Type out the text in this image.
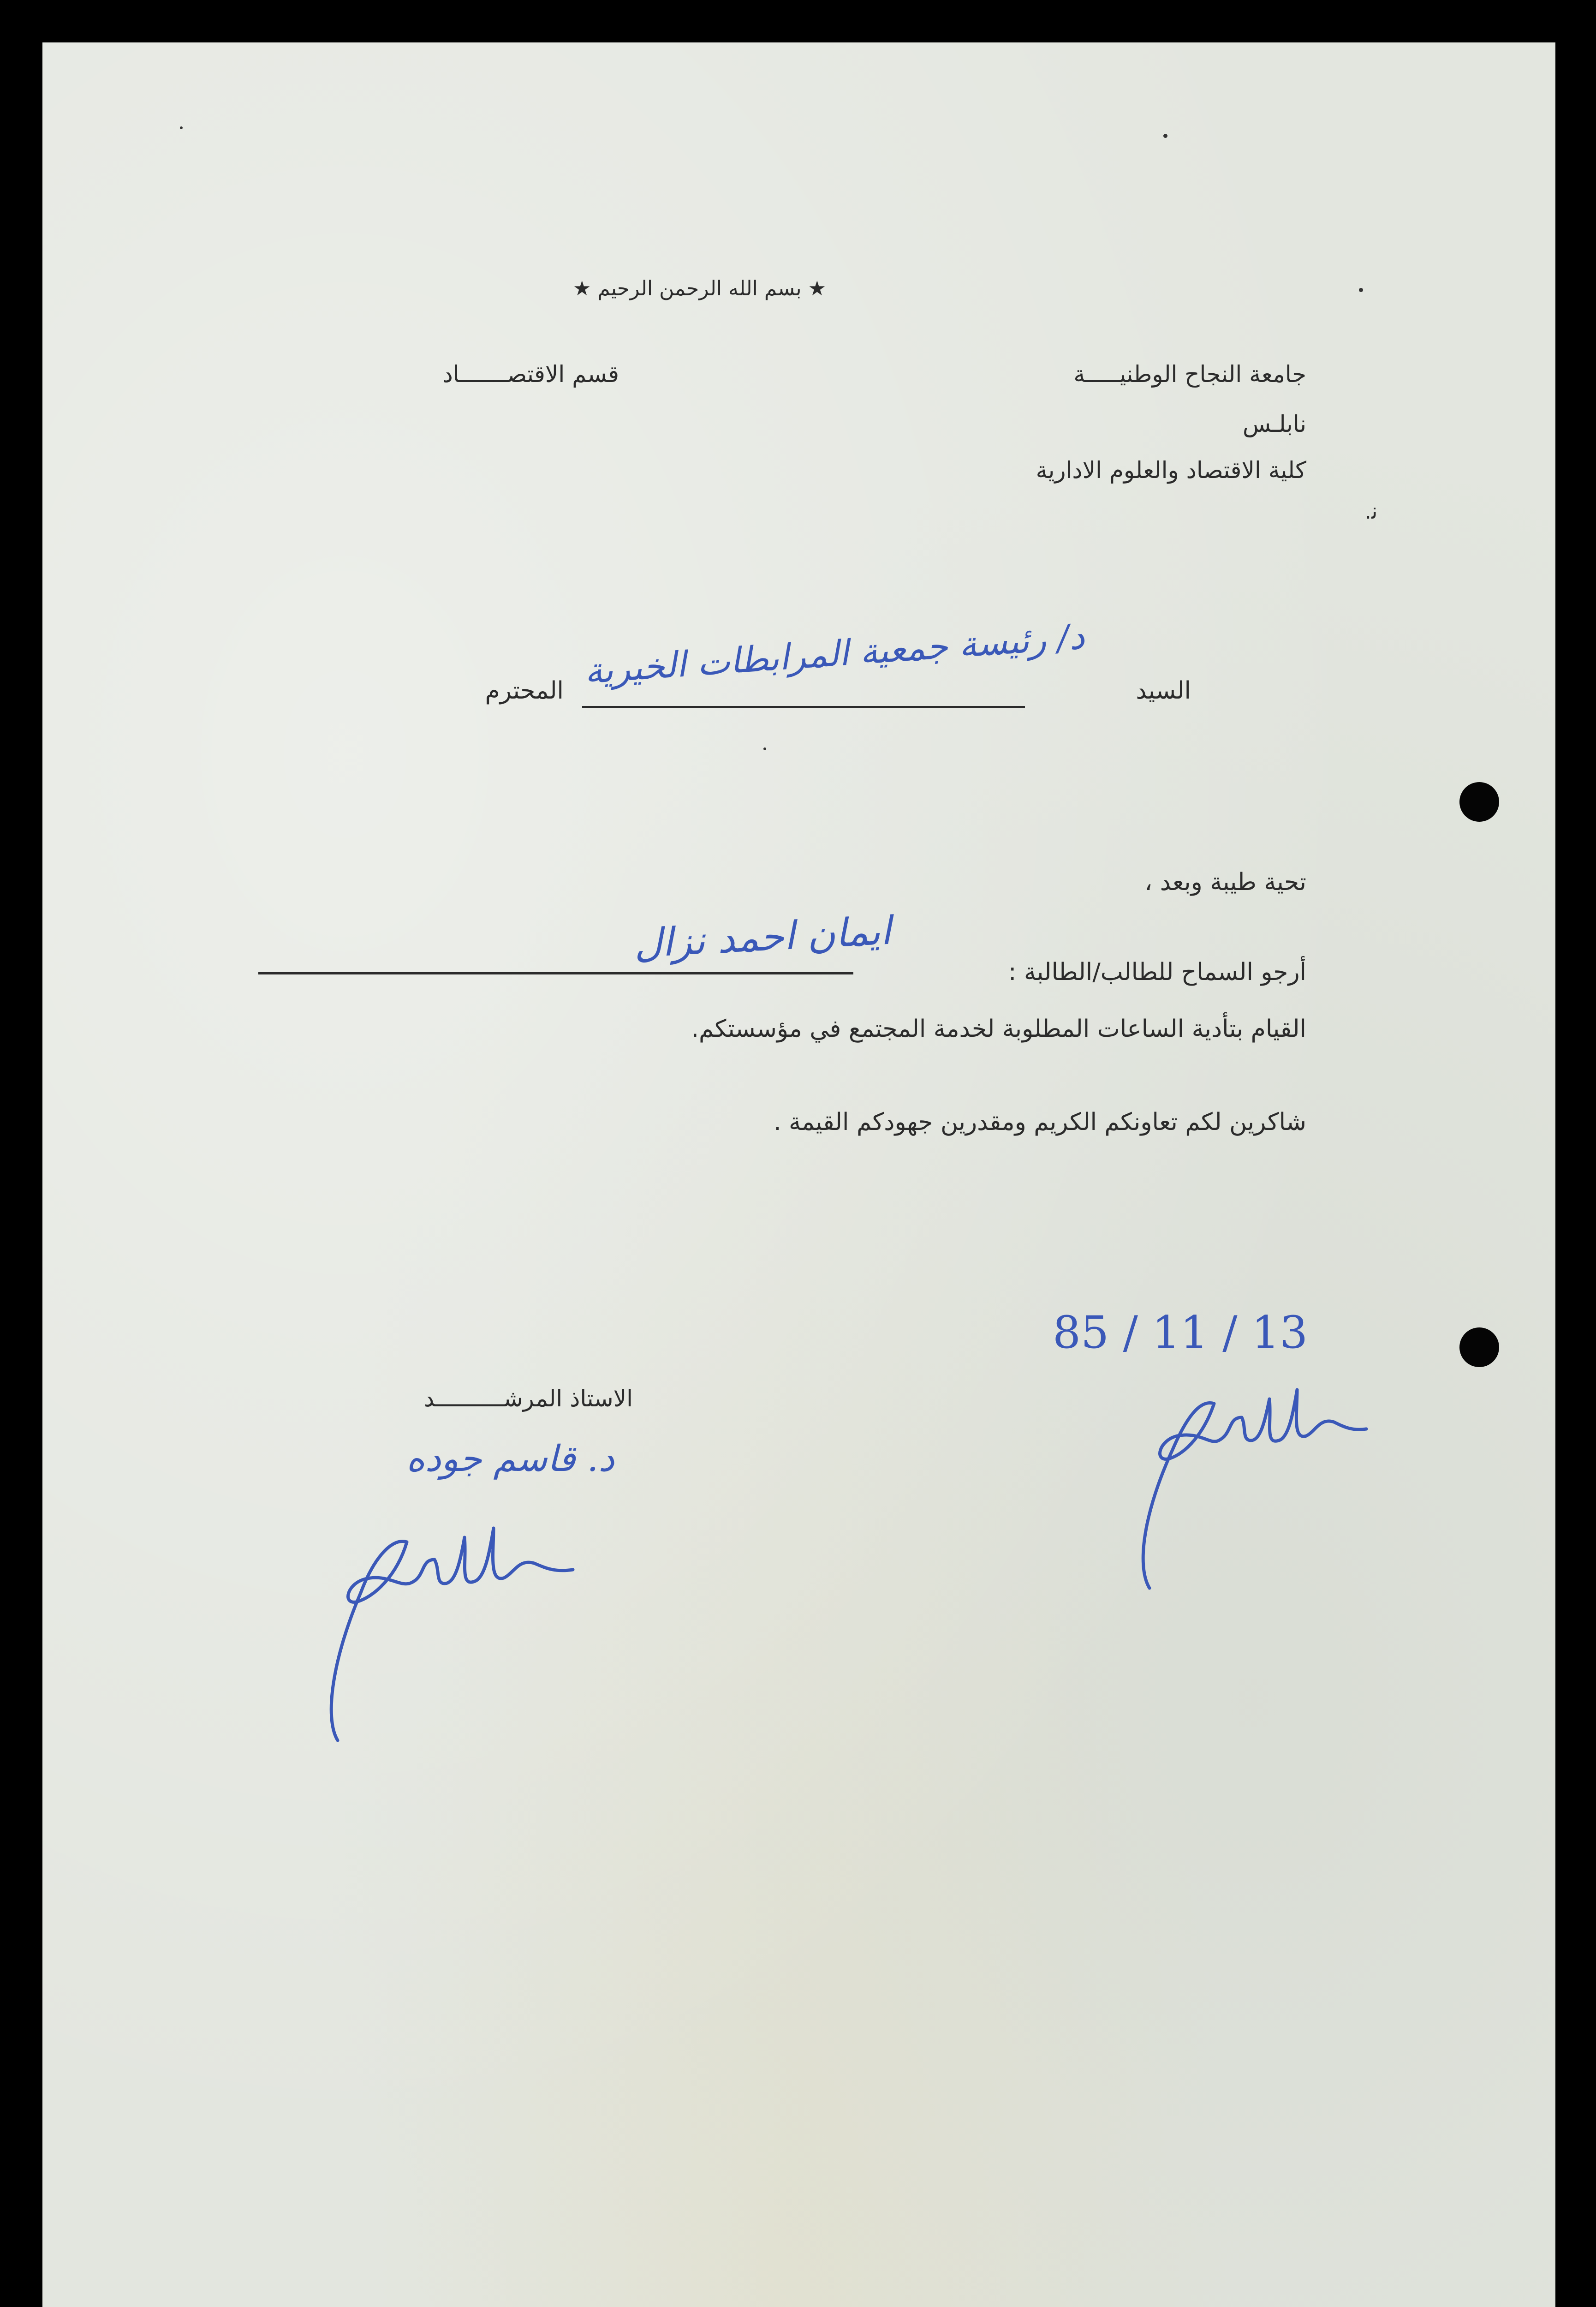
★ بسم الله الرحمن الرحيم ★
جامعة النجاح الوطنيـــــة
نابلـس
كلية الاقتصاد والعلوم الادارية
قسم الاقتصـــــــاد
ﻧ.
السيد
د/ رئيسة جمعية المرابطات الخيرية
المحترم
تحية طيبة وبعد ،
أرجو السماح للطالب/الطالبة :
ايمان احمد نزال
القيام بتأدية الساعات المطلوبة لخدمة المجتمع في مؤسستكم.
شاكرين لكم تعاونكم الكريم ومقدرين جهودكم القيمة .
85 / 11 / 13
الاستاذ المرشــــــــــد
د. قاسم جوده
